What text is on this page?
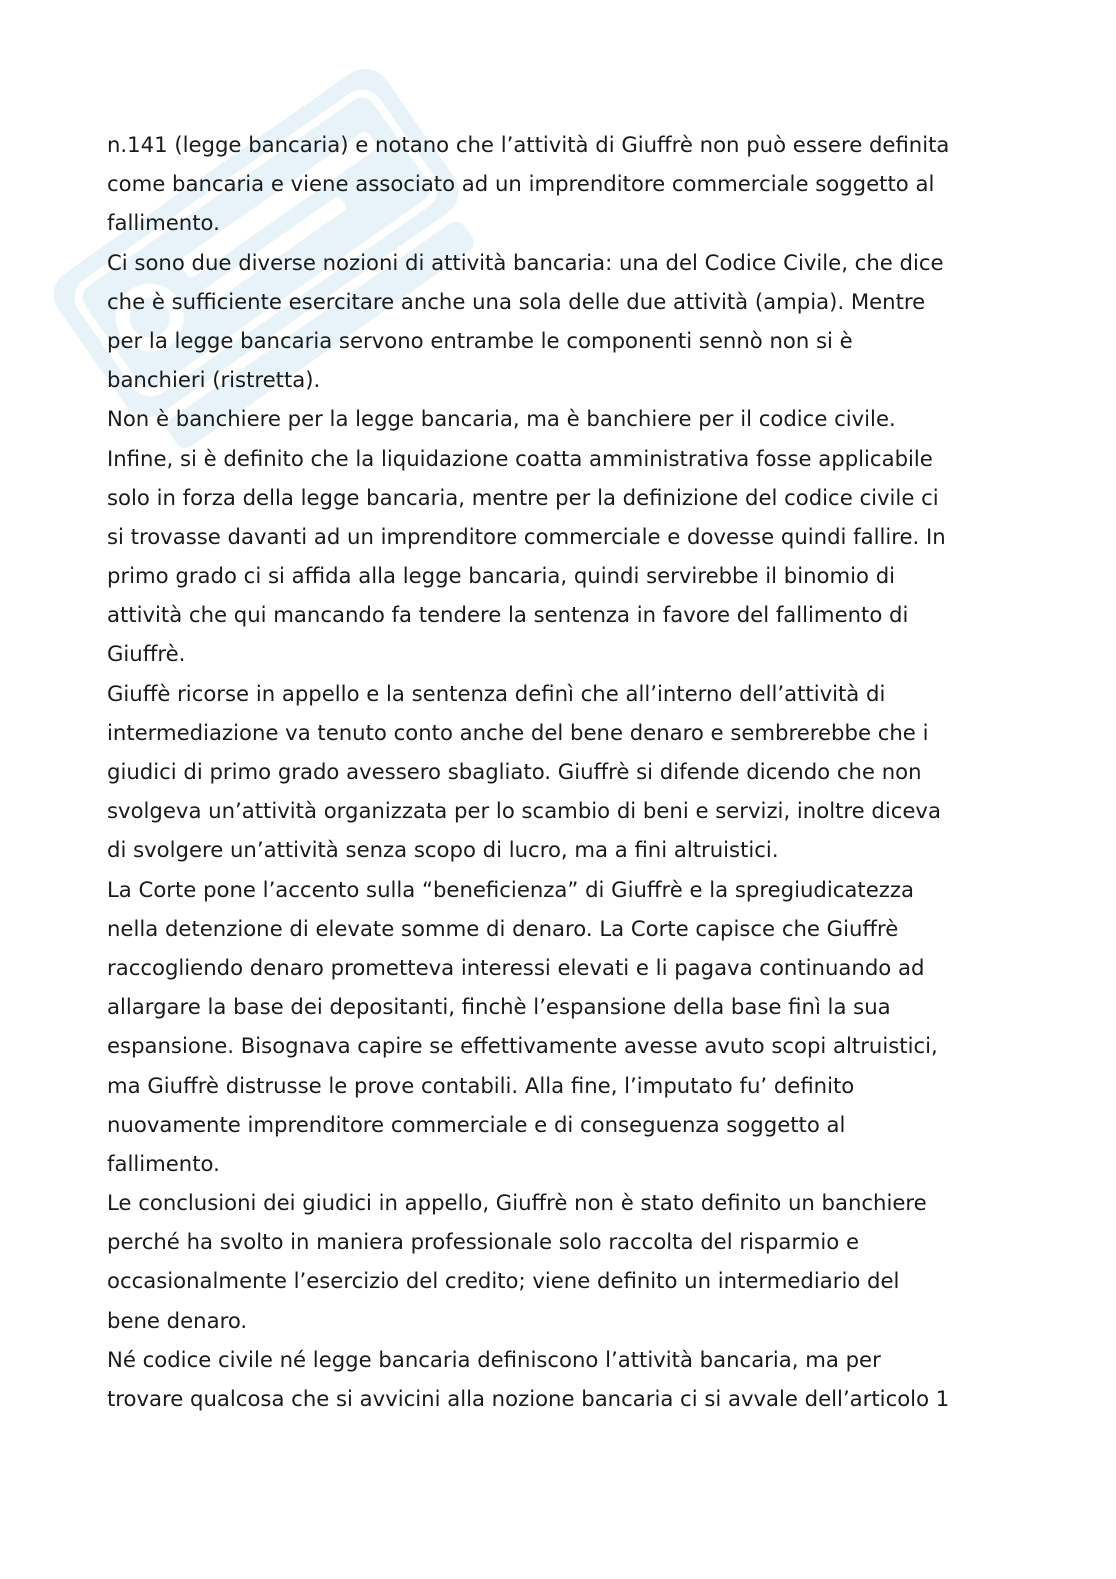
n.141 (legge bancaria) e notano che l’attività di Giuffrè non può essere definita
come bancaria e viene associato ad un imprenditore commerciale soggetto al
fallimento.
Ci sono due diverse nozioni di attività bancaria: una del Codice Civile, che dice
che è sufficiente esercitare anche una sola delle due attività (ampia). Mentre
per la legge bancaria servono entrambe le componenti sennò non si è
banchieri (ristretta).
Non è banchiere per la legge bancaria, ma è banchiere per il codice civile.
Infine, si è definito che la liquidazione coatta amministrativa fosse applicabile
solo in forza della legge bancaria, mentre per la definizione del codice civile ci
si trovasse davanti ad un imprenditore commerciale e dovesse quindi fallire. In
primo grado ci si affida alla legge bancaria, quindi servirebbe il binomio di
attività che qui mancando fa tendere la sentenza in favore del fallimento di
Giuffrè.
Giuffè ricorse in appello e la sentenza definì che all’interno dell’attività di
intermediazione va tenuto conto anche del bene denaro e sembrerebbe che i
giudici di primo grado avessero sbagliato. Giuffrè si difende dicendo che non
svolgeva un’attività organizzata per lo scambio di beni e servizi, inoltre diceva
di svolgere un’attività senza scopo di lucro, ma a fini altruistici.
La Corte pone l’accento sulla “beneficienza” di Giuffrè e la spregiudicatezza
nella detenzione di elevate somme di denaro. La Corte capisce che Giuffrè
raccogliendo denaro prometteva interessi elevati e li pagava continuando ad
allargare la base dei depositanti, finchè l’espansione della base finì la sua
espansione. Bisognava capire se effettivamente avesse avuto scopi altruistici,
ma Giuffrè distrusse le prove contabili. Alla fine, l’imputato fu’ definito
nuovamente imprenditore commerciale e di conseguenza soggetto al
fallimento.
Le conclusioni dei giudici in appello, Giuffrè non è stato definito un banchiere
perché ha svolto in maniera professionale solo raccolta del risparmio e
occasionalmente l’esercizio del credito; viene definito un intermediario del
bene denaro.
Né codice civile né legge bancaria definiscono l’attività bancaria, ma per
trovare qualcosa che si avvicini alla nozione bancaria ci si avvale dell’articolo 1
